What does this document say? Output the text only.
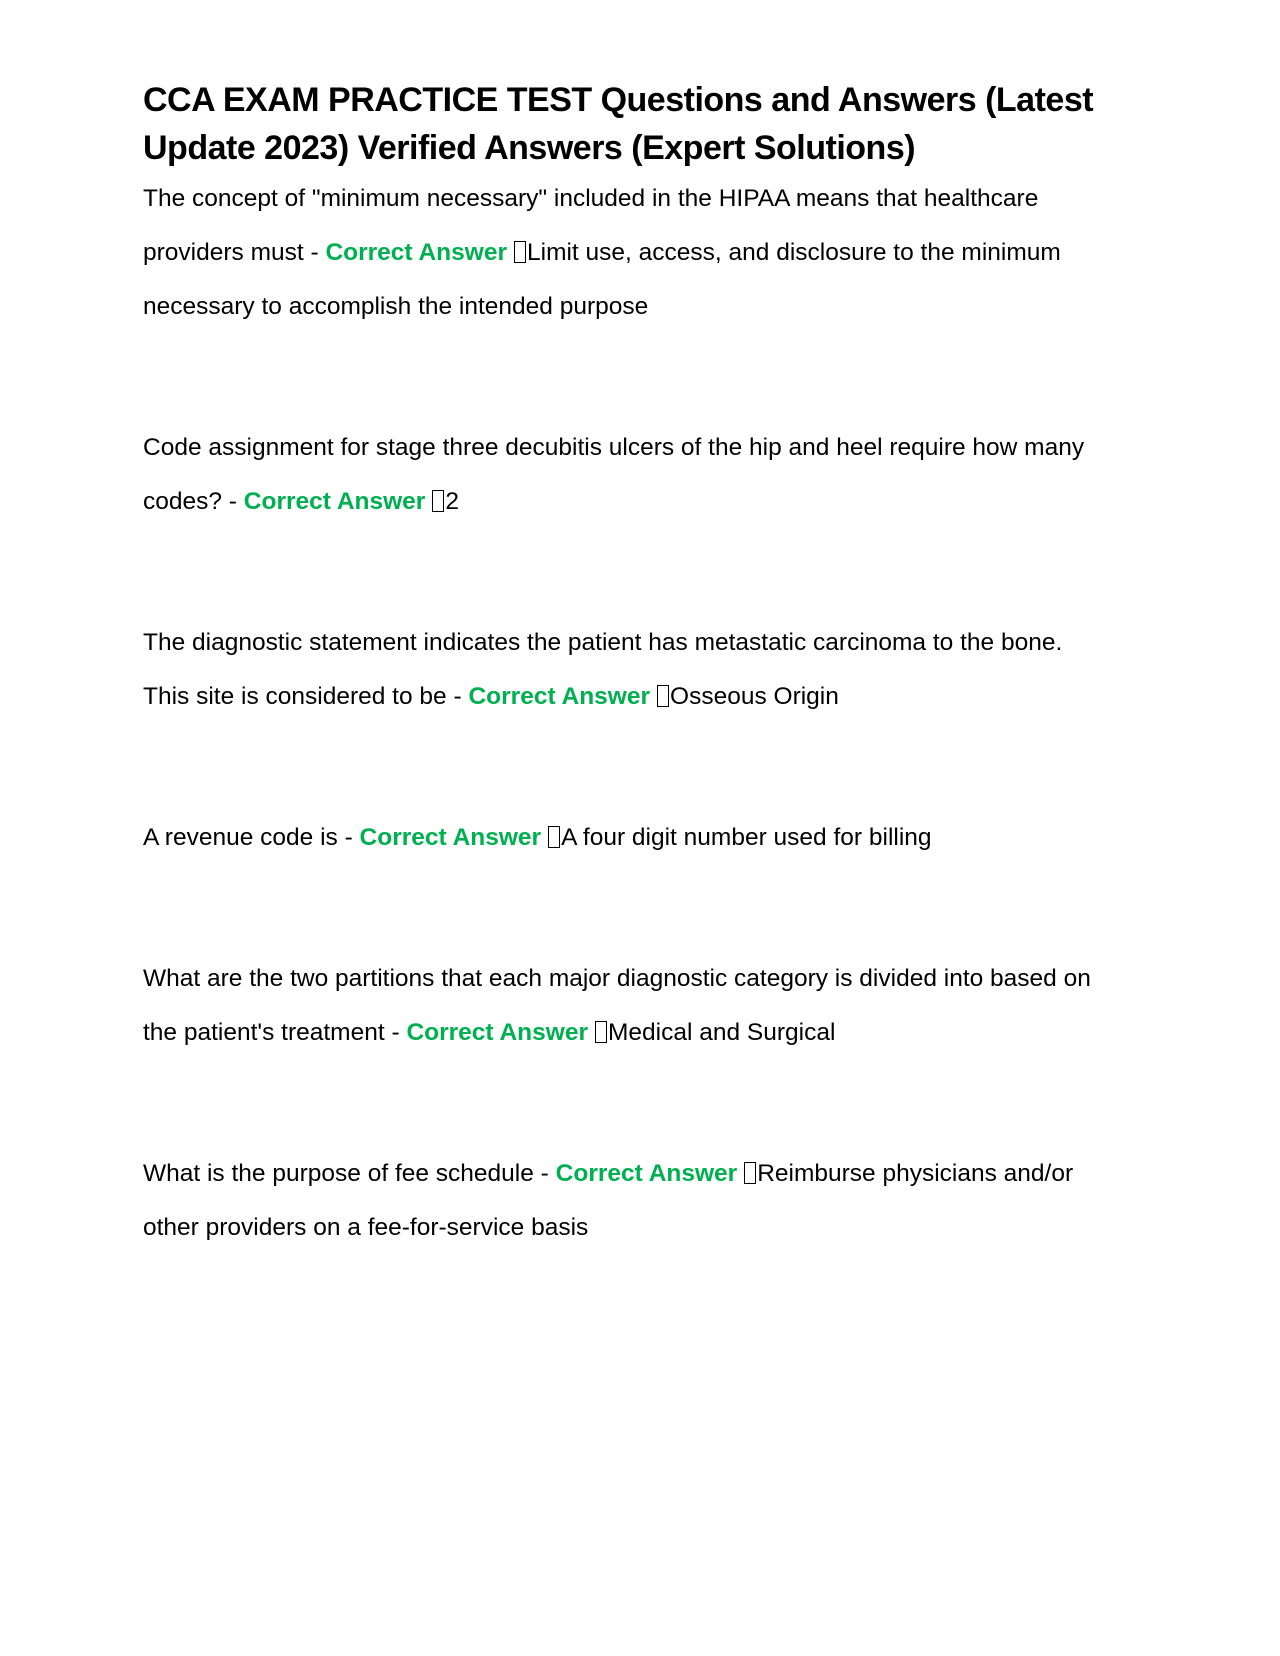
CCA EXAM PRACTICE TEST Questions and Answers (Latest Update 2023) Verified Answers (Expert Solutions)

The concept of "minimum necessary" included in the HIPAA means that healthcare providers must - Correct Answer Limit use, access, and disclosure to the minimum necessary to accomplish the intended purpose

Code assignment for stage three decubitis ulcers of the hip and heel require how many codes? - Correct Answer 2

The diagnostic statement indicates the patient has metastatic carcinoma to the bone. This site is considered to be - Correct Answer Osseous Origin

A revenue code is - Correct Answer A four digit number used for billing

What are the two partitions that each major diagnostic category is divided into based on the patient's treatment - Correct Answer Medical and Surgical

What is the purpose of fee schedule - Correct Answer Reimburse physicians and/or other providers on a fee-for-service basis
